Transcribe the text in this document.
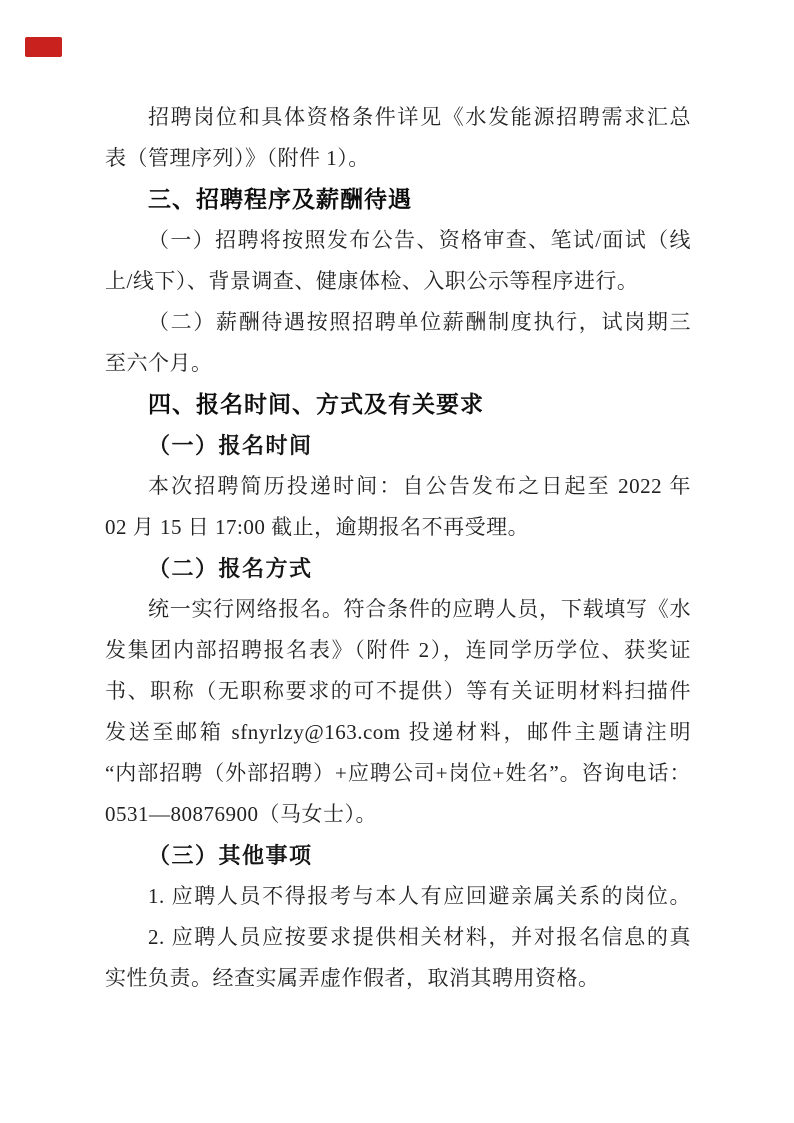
招聘岗位和具体资格条件详见《水发能源招聘需求汇总
表（管理序列）》（附件 1）。
三、招聘程序及薪酬待遇
（一）招聘将按照发布公告、资格审查、笔试/面试（线
上/线下）、背景调查、健康体检、入职公示等程序进行。
（二）薪酬待遇按照招聘单位薪酬制度执行，试岗期三
至六个月。
四、报名时间、方式及有关要求
（一）报名时间
本次招聘简历投递时间：自公告发布之日起至 2022 年
02 月 15 日 17:00 截止，逾期报名不再受理。
（二）报名方式
统一实行网络报名。符合条件的应聘人员，下载填写《水
发集团内部招聘报名表》（附件 2），连同学历学位、获奖证
书、职称（无职称要求的可不提供）等有关证明材料扫描件
发送至邮箱 sfnyrlzy@163.com 投递材料，邮件主题请注明
“内部招聘（外部招聘）+应聘公司+岗位+姓名”。咨询电话：
0531—80876900（马女士）。
（三）其他事项
1. 应聘人员不得报考与本人有应回避亲属关系的岗位。
2. 应聘人员应按要求提供相关材料，并对报名信息的真
实性负责。经查实属弄虚作假者，取消其聘用资格。
